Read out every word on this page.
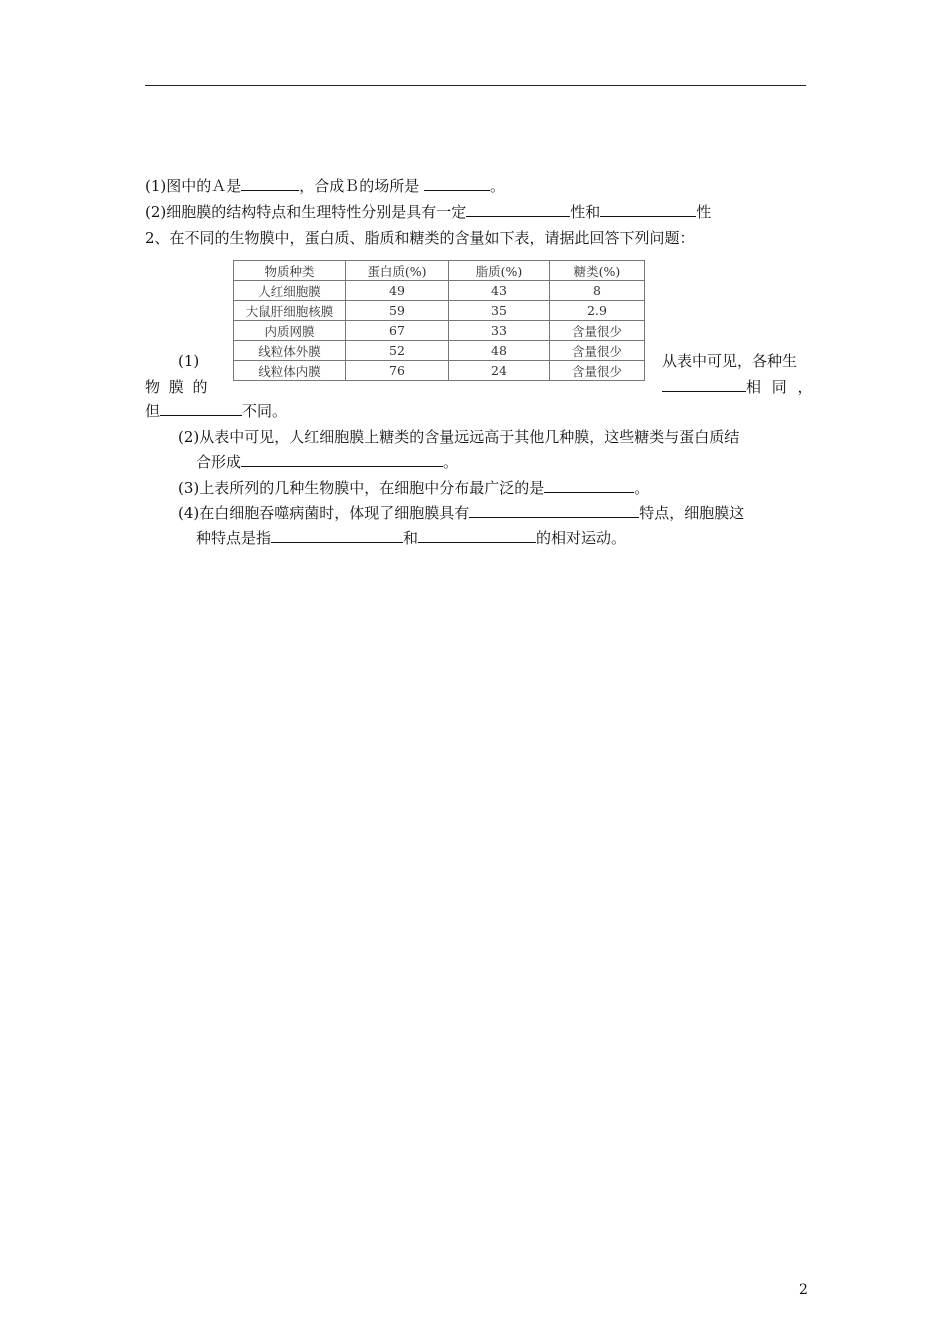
(1)图中的Ａ是	，合成Ｂ的场所是	。
(2)细胞膜的结构特点和生理特性分别是具有一定	性和	性
2、在不同的生物膜中，蛋白质、脂质和糖类的含量如下表，请据此回答下列问题：
物质种类	蛋白质(%)	脂质(%)	糖类(%)
人红细胞膜	49	43	8
大鼠肝细胞核膜	59	35	2.9
内质网膜	67	33	含量很少
线粒体外膜	52	48	含量很少
线粒体内膜	76	24	含量很少
(1)	从表中可见，各种生
物 膜 的	相 同 ，
但	不同。
(2)从表中可见，人红细胞膜上糖类的含量远远高于其他几种膜，这些糖类与蛋白质结
合形成	。
(3)上表所列的几种生物膜中，在细胞中分布最广泛的是	。
(4)在白细胞吞噬病菌时，体现了细胞膜具有	特点，细胞膜这
种特点是指	和	的相对运动。
2
